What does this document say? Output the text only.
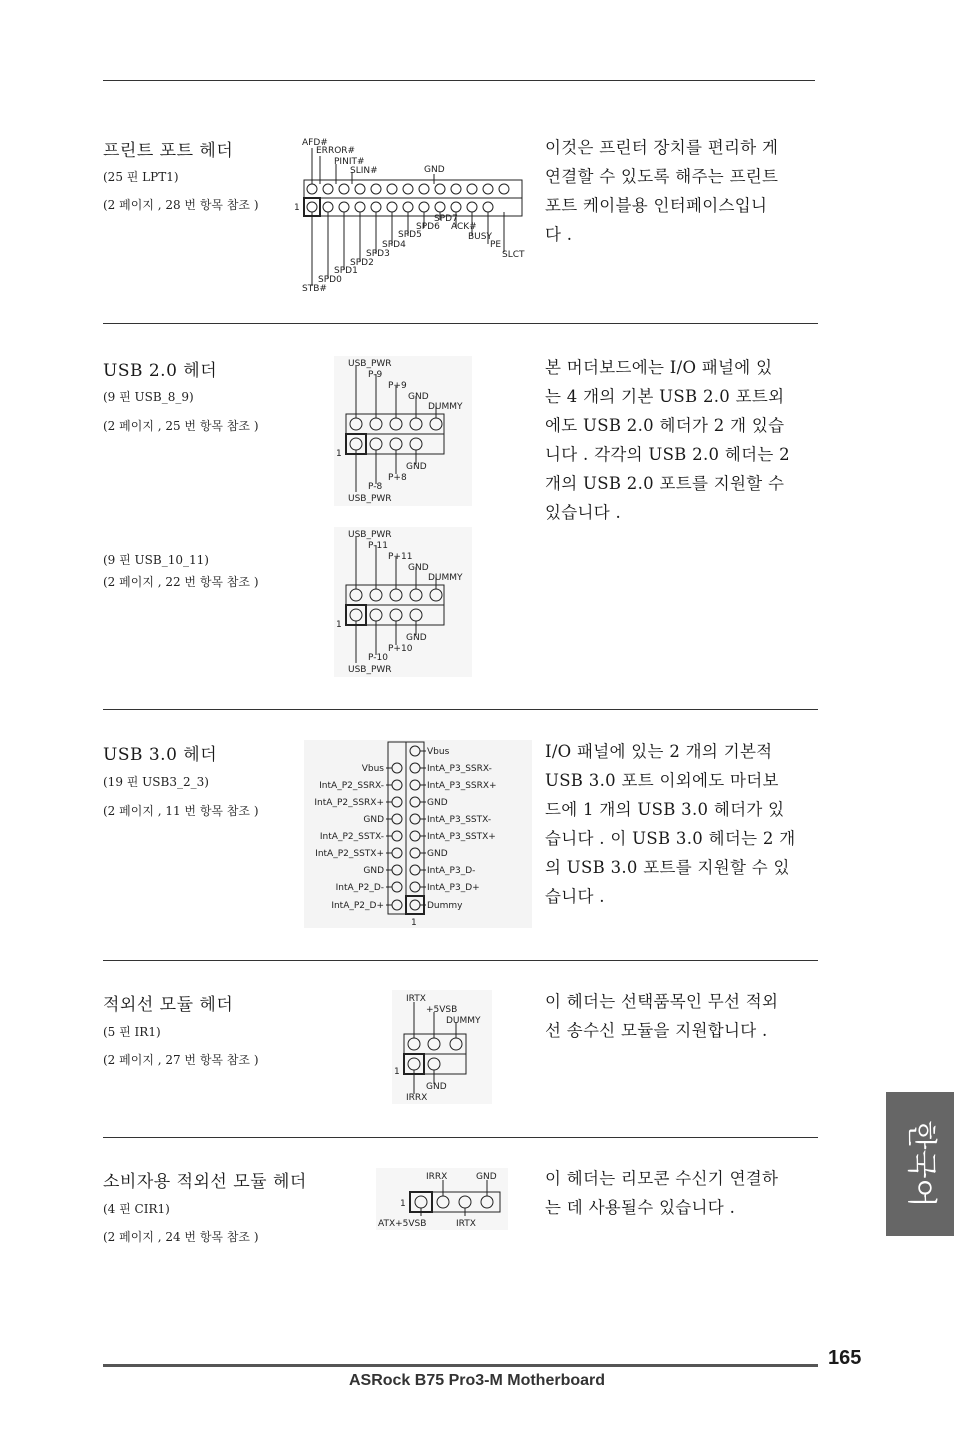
프린트 포트 헤더
(25 핀 LPT1)
(2 페이지 , 28 번 항목 참조 )
이것은 프린터 장치를 편리하 게
연결할 수 있도록 해주는 프린트
포트 케이블용 인터페이스입니
다 .
AFD#
ERROR#
PINIT#
SLIN#	GND
1
SPD7
SPD6 ACK#
SPD5	BUSY
SPD4	PE
SPD3	SLCT
SPD2
SPD1
SPD0
STB#
USB 2.0 헤더
(9 핀 USB_8_9)
(2 페이지 , 25 번 항목 참조 )
(9 핀 USB_10_11)
(2 페이지 , 22 번 항목 참조 )
본 머더보드에는 I/O 패널에 있
는 4 개의 기본 USB 2.0 포트외
에도 USB 2.0 헤더가 2 개 있습
니다 . 각각의 USB 2.0 헤더는 2
개의 USB 2.0 포트를 지원할 수
있습니다 .
USB_PWR
P-9
P+9
GND
DUMMY
1
GND
P+8
P-8
USB_PWR
USB_PWR
P-11
P+11
GND
DUMMY
1
GND
P+10
P-10
USB_PWR
USB 3.0 헤더
(19 핀 USB3_2_3)
(2 페이지 , 11 번 항목 참조 )
I/O 패널에 있는 2 개의 기본적
USB 3.0 포트 이외에도 마더보
드에 1 개의 USB 3.0 헤더가 있
습니다 . 이 USB 3.0 헤더는 2 개
의 USB 3.0 포트를 지원할 수 있
습니다 .
Vbus
IntA_P3_SSRX-
IntA_P3_SSRX+
GND
IntA_P3_SSTX-
IntA_P3_SSTX+
GND
IntA_P3_D-
IntA_P3_D+
Dummy
Vbus
IntA_P2_SSRX-
IntA_P2_SSRX+
GND
IntA_P2_SSTX-
IntA_P2_SSTX+
GND
IntA_P2_D-
IntA_P2_D+
1
적외선 모듈 헤더
(5 핀 IR1)
(2 페이지 , 27 번 항목 참조 )
이 헤더는 선택품목인 무선 적외
선 송수신 모듈을 지원합니다 .
IRTX
+5VSB
DUMMY
1
GND
IRRX
소비자용 적외선 모듈 헤더
(4 핀 CIR1)
(2 페이지 , 24 번 항목 참조 )
이 헤더는 리모콘 수신기 연결하
는 데 사용될수 있습니다 .
IRRX	GND
1
ATX+5VSB	IRTX
한국어
165
ASRock B75 Pro3-M Motherboard
